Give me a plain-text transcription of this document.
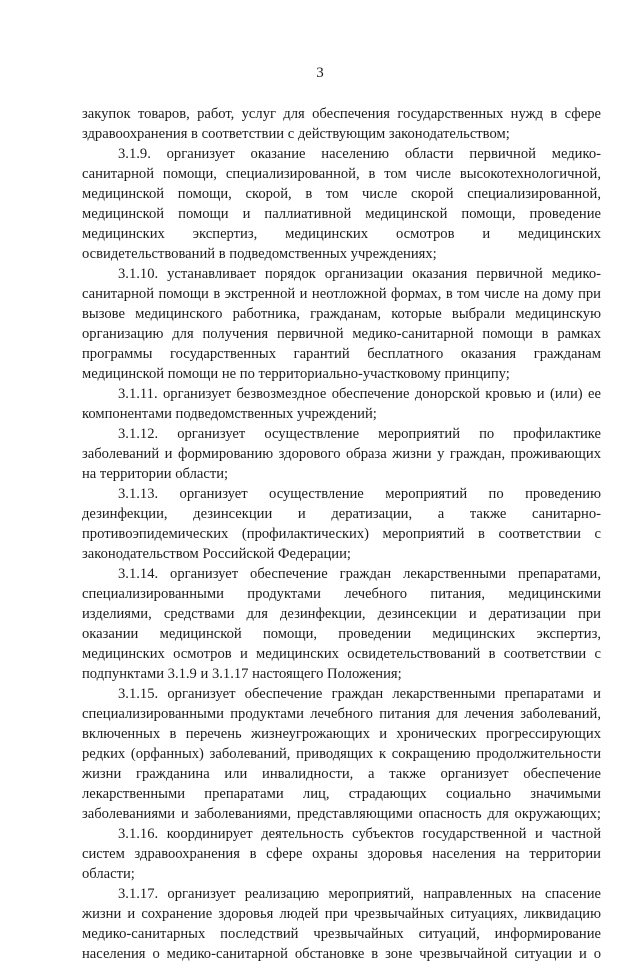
3
закупок товаров, работ, услуг для обеспечения государственных нужд в сфере
здравоохранения в соответствии с действующим законодательством;
3.1.9. организует оказание населению области первичной медико-
санитарной помощи, специализированной, в том числе высокотехнологичной,
медицинской помощи, скорой, в том числе скорой специализированной,
медицинской помощи и паллиативной медицинской помощи, проведение
медицинских экспертиз, медицинских осмотров и медицинских
освидетельствований в подведомственных учреждениях;
3.1.10. устанавливает порядок организации оказания первичной медико-
санитарной помощи в экстренной и неотложной формах, в том числе на дому при
вызове медицинского работника, гражданам, которые выбрали медицинскую
организацию для получения первичной медико-санитарной помощи в рамках
программы государственных гарантий бесплатного оказания гражданам
медицинской помощи не по территориально-участковому принципу;
3.1.11. организует безвозмездное обеспечение донорской кровью и (или) ее
компонентами подведомственных учреждений;
3.1.12. организует осуществление мероприятий по профилактике
заболеваний и формированию здорового образа жизни у граждан, проживающих
на территории области;
3.1.13. организует осуществление мероприятий по проведению
дезинфекции, дезинсекции и дератизации, а также санитарно-
противоэпидемических (профилактических) мероприятий в соответствии с
законодательством Российской Федерации;
3.1.14. организует обеспечение граждан лекарственными препаратами,
специализированными продуктами лечебного питания, медицинскими
изделиями, средствами для дезинфекции, дезинсекции и дератизации при
оказании медицинской помощи, проведении медицинских экспертиз,
медицинских осмотров и медицинских освидетельствований в соответствии с
подпунктами 3.1.9 и 3.1.17 настоящего Положения;
3.1.15. организует обеспечение граждан лекарственными препаратами и
специализированными продуктами лечебного питания для лечения заболеваний,
включенных в перечень жизнеугрожающих и хронических прогрессирующих
редких (орфанных) заболеваний, приводящих к сокращению продолжительности
жизни гражданина или инвалидности, а также организует обеспечение
лекарственными препаратами лиц, страдающих социально значимыми
заболеваниями и заболеваниями, представляющими опасность для окружающих;
3.1.16. координирует деятельность субъектов государственной и частной
систем здравоохранения в сфере охраны здоровья населения на территории
области;
3.1.17. организует реализацию мероприятий, направленных на спасение
жизни и сохранение здоровья людей при чрезвычайных ситуациях, ликвидацию
медико-санитарных последствий чрезвычайных ситуаций, информирование
населения о медико-санитарной обстановке в зоне чрезвычайной ситуации и о
